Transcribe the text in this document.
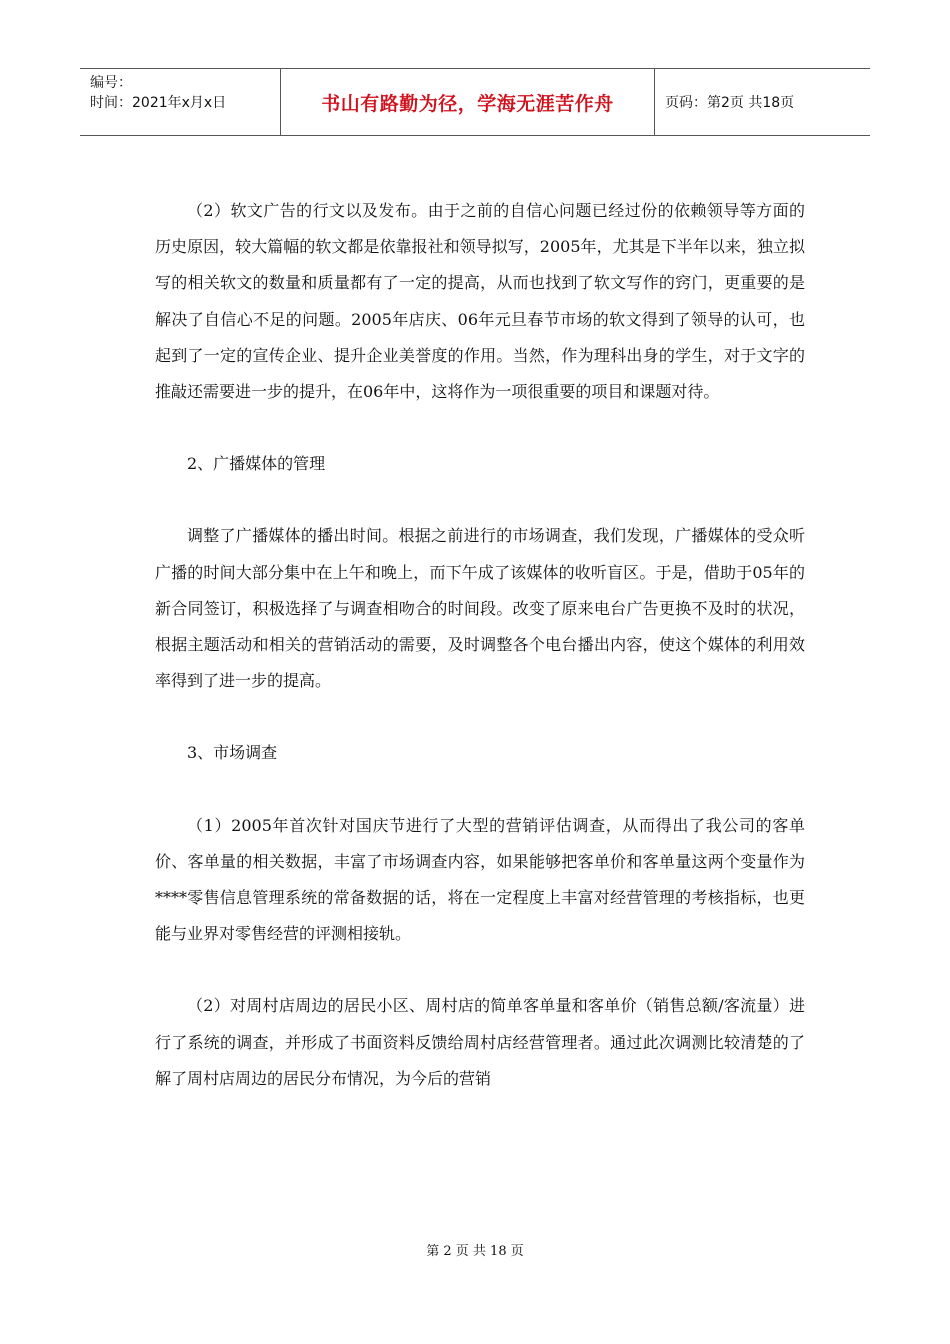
编号：
时间：2021年x月x日	书山有路勤为径，学海无涯苦作舟	页码：第2页 共18页

（2）软文广告的行文以及发布。由于之前的自信心问题已经过份的依赖领导等方面的历史原因，较大篇幅的软文都是依靠报社和领导拟写，2005年，尤其是下半年以来，独立拟写的相关软文的数量和质量都有了一定的提高，从而也找到了软文写作的窍门，更重要的是解决了自信心不足的问题。2005年店庆、06年元旦春节市场的软文得到了领导的认可，也起到了一定的宣传企业、提升企业美誉度的作用。当然，作为理科出身的学生，对于文字的推敲还需要进一步的提升，在06年中，这将作为一项很重要的项目和课题对待。

2、广播媒体的管理

调整了广播媒体的播出时间。根据之前进行的市场调查，我们发现，广播媒体的受众听广播的时间大部分集中在上午和晚上，而下午成了该媒体的收听盲区。于是，借助于05年的新合同签订，积极选择了与调查相吻合的时间段。改变了原来电台广告更换不及时的状况，根据主题活动和相关的营销活动的需要，及时调整各个电台播出内容，使这个媒体的利用效率得到了进一步的提高。

3、市场调查

（1）2005年首次针对国庆节进行了大型的营销评估调查，从而得出了我公司的客单价、客单量的相关数据，丰富了市场调查内容，如果能够把客单价和客单量这两个变量作为****零售信息管理系统的常备数据的话，将在一定程度上丰富对经营管理的考核指标，也更能与业界对零售经营的评测相接轨。

（2）对周村店周边的居民小区、周村店的简单客单量和客单价（销售总额/客流量）进行了系统的调查，并形成了书面资料反馈给周村店经营管理者。通过此次调测比较清楚的了解了周村店周边的居民分布情况，为今后的营销

第 2 页 共 18 页
